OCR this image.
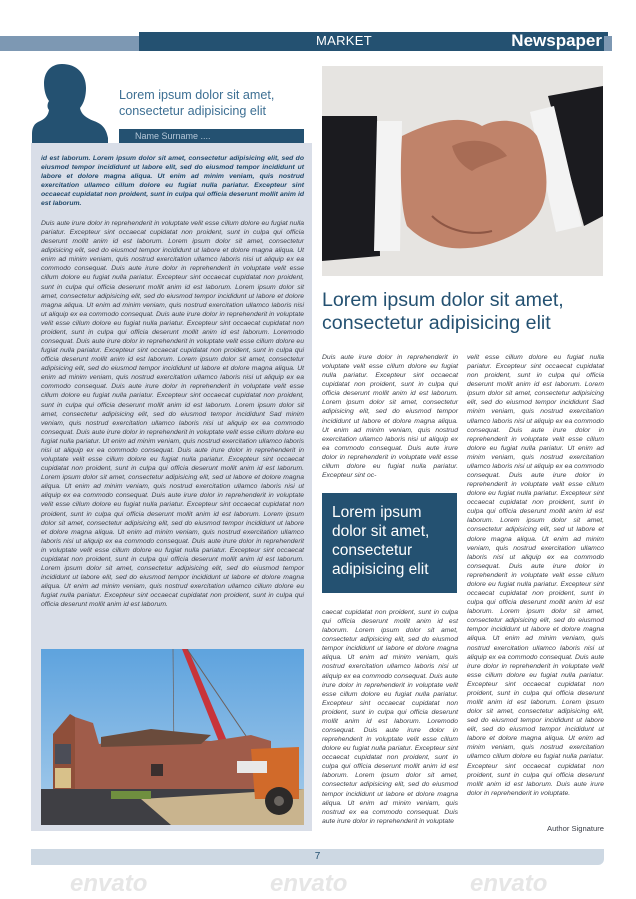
MARKET	Newspaper
Lorem ipsum dolor sit amet, consectetur adipisicing elit
Name Surname ....
id est laborum. Lorem ipsum dolor sit amet, consectetur adipisicing elit, sed do eiusmod tempor incididunt ut labore elit, sed do eiusmod tempor incididunt ut labore et dolore magna aliqua. Ut enim ad minim veniam, quis nostrud exercitation ullamco cillum dolore eu fugiat nulla pariatur. Excepteur sint occaecat cupidatat non proident, sunt in culpa qui officia deserunt mollit anim id est laborum.
Duis aute irure dolor in reprehenderit in voluptate velit esse cillum dolore eu fugiat nulla pariatur. Excepteur sint occaecat cupidatat non proident, sunt in culpa qui officia deserunt mollit anim id est laborum. Lorem ipsum dolor sit amet, consectetur adipisicing elit, sed do eiusmod tempor incididunt ut labore et dolore magna aliqua. Ut enim ad minim veniam, quis nostrud exercitation ullamco laboris nisi ut aliquip ex ea commodo consequat. Duis aute irure dolor in reprehenderit in voluptate velit esse cillum dolore eu fugiat nulla pariatur. Excepteur sint occaecat cupidatat non proident, sunt in culpa qui officia deserunt mollit anim id est laborum. Lorem ipsum dolor sit amet, consectetur adipisicing elit, sed do eiusmod tempor incididunt ut labore et dolore magna aliqua. Ut enim ad minim veniam, quis nostrud exercitation ullamco laboris nisi ut aliquip ex ea commodo consequat. Duis aute irure dolor in reprehenderit in voluptate velit esse cillum dolore eu fugiat nulla pariatur. Excepteur sint occaecat cupidatat non proident, sunt in culpa qui officia deserunt mollit anim id est laborum. Loremodo consequat. Duis aute irure dolor in reprehenderit in voluptate velit esse cillum dolore eu fugiat nulla pariatur. Excepteur sint occaecat cupidatat non proident, sunt in culpa qui officia deserunt mollit anim id est laborum. Lorem ipsum dolor sit amet, consectetur adipisicing elit, sed do eiusmod tempor incididunt ut labore et dolore magna aliqua. Ut enim ad minim veniam, quis nostrud exercitation ullamco laboris nisi ut aliquip ex ea commodo consequat. Duis aute irure dolor in reprehenderit in voluptate velit esse cillum dolore eu fugiat nulla pariatur. Excepteur sint occaecat cupidatat non proident, sunt in culpa qui officia deserunt mollit anim id est laborum. Lorem ipsum dolor sit amet, consectetur adipisicing elit, sed do eiusmod tempor incididunt Sad minim veniam, quis nostrud exercitation ullamco laboris nisi ut aliquip ex ea commodo consequat. Duis aute irure dolor in reprehenderit in voluptate velit esse cillum dolore eu fugiat nulla pariatur. Ut enim ad minim veniam, quis nostrud exercitation ullamco laboris nisi ut aliquip ex ea commodo consequat. Duis aute irure dolor in reprehenderit in voluptate velit esse cillum dolore eu fugiat nulla pariatur. Excepteur sint occaecat cupidatat non proident, sunt in culpa qui officia deserunt mollit anim id est laborum. Lorem ipsum dolor sit amet, consectetur adipisicing elit, sed ut labore et dolore magna aliqua. Ut enim ad minim veniam, quis nostrud exercitation ullamco laboris nisi ut aliquip ex ea commodo consequat. Duis aute irure dolor in reprehenderit in voluptate velit esse cillum dolore eu fugiat nulla pariatur. Excepteur sint occaecat cupidatat non proident, sunt in culpa qui officia deserunt mollit anim id est laborum. Lorem ipsum dolor sit amet, consectetur adipisicing elit, sed do eiusmod tempor incididunt ut labore et dolore magna aliqua. Ut enim ad minim veniam, quis nostrud exercitation ullamco laboris nisi ut aliquip ex ea commodo consequat. Duis aute irure dolor in reprehenderit in voluptate velit esse cillum dolore eu fugiat nulla pariatur. Excepteur sint occaecat cupidatat non proident, sunt in culpa qui officia deserunt mollit anim id est laborum. Lorem ipsum dolor sit amet, consectetur adipisicing elit, sed do eiusmod tempor incididunt ut labore elit, sed do eiusmod tempor incididunt ut labore et dolore magna aliqua. Ut enim ad minim veniam, quis nostrud exercitation ullamco cillum dolore eu fugiat nulla pariatur. Excepteur sint occaecat cupidatat non proident, sunt in culpa qui officia deserunt mollit anim id est laborum.
Lorem ipsum dolor sit amet, consectetur adipisicing elit
Duis aute irure dolor in reprehenderit in voluptate velit esse cillum dolore eu fugiat nulla pariatur. Excepteur sint occaecat cupidatat non proident, sunt in culpa qui officia deserunt mollit anim id est laborum. Lorem ipsum dolor sit amet, consectetur adipisicing elit, sed do eiusmod tempor incididunt ut labore et dolore magna aliqua. Ut enim ad minim veniam, quis nostrud exercitation ullamco laboris nisi ut aliquip ex ea commodo consequat. Duis aute irure dolor in reprehenderit in voluptate velit esse cillum dolore eu fugiat nulla pariatur. Excepteur sint oc-
Lorem ipsum dolor sit amet, consectetur adipisicing elit
caecat cupidatat non proident, sunt in culpa qui officia deserunt mollit anim id est laborum. Lorem ipsum dolor sit amet, consectetur adipisicing elit, sed do eiusmod tempor incididunt ut labore et dolore magna aliqua. Ut enim ad minim veniam, quis nostrud exercitation ullamco laboris nisi ut aliquip ex ea commodo consequat. Duis aute irure dolor in reprehenderit in voluptate velit esse cillum dolore eu fugiat nulla pariatur. Excepteur sint occaecat cupidatat non proident, sunt in culpa qui officia deserunt mollit anim id est laborum. Loremodo consequat. Duis aute irure dolor in reprehenderit in voluptate velit esse cillum dolore eu fugiat nulla pariatur. Excepteur sint occaecat cupidatat non proident, sunt in culpa qui officia deserunt mollit anim id est laborum. Lorem ipsum dolor sit amet, consectetur adipisicing elit, sed do eiusmod tempor incididunt ut labore et dolore magna aliqua. Ut enim ad minim veniam, quis nostrud ex ea commodo consequat. Duis aute irure dolor in reprehenderit in voluptate
velit esse cillum dolore eu fugiat nulla pariatur. Excepteur sint occaecat cupidatat non proident, sunt in culpa qui officia deserunt mollit anim id est laborum. Lorem ipsum dolor sit amet, consectetur adipisicing elit, sed do eiusmod tempor incididunt Sad minim veniam, quis nostrud exercitation ullamco laboris nisi ut aliquip ex ea commodo consequat. Duis aute irure dolor in reprehenderit in voluptate velit esse cillum dolore eu fugiat nulla pariatur. Ut enim ad minim veniam, quis nostrud exercitation ullamco laboris nisi ut aliquip ex ea commodo consequat. Duis aute irure dolor in reprehenderit in voluptate velit esse cillum dolore eu fugiat nulla pariatur. Excepteur sint occaecat cupidatat non proident, sunt in culpa qui officia deserunt mollit anim id est laborum. Lorem ipsum dolor sit amet, consectetur adipisicing elit, sed ut labore et dolore magna aliqua. Ut enim ad minim veniam, quis nostrud exercitation ullamco laboris nisi ut aliquip ex ea commodo consequat. Duis aute irure dolor in reprehenderit in voluptate velit esse cillum dolore eu fugiat nulla pariatur. Excepteur sint occaecat cupidatat non proident, sunt in culpa qui officia deserunt mollit anim id est laborum. Lorem ipsum dolor sit amet, consectetur adipisicing elit, sed do eiusmod tempor incididunt ut labore et dolore magna aliqua. Ut enim ad minim veniam, quis nostrud exercitation ullamco laboris nisi ut aliquip ex ea commodo consequat. Duis aute irure dolor in reprehenderit in voluptate velit esse cillum dolore eu fugiat nulla pariatur. Excepteur sint occaecat cupidatat non proident, sunt in culpa qui officia deserunt mollit anim id est laborum. Lorem ipsum dolor sit amet, consectetur adipisicing elit, sed do eiusmod tempor incididunt ut labore elit, sed do eiusmod tempor incididunt ut labore et dolore magna aliqua. Ut enim ad minim veniam, quis nostrud exercitation ullamco cillum dolore eu fugiat nulla pariatur. Excepteur sint occaecat cupidatat non proident, sunt in culpa qui officia deserunt mollit anim id est laborum. Duis aute irure dolor in reprehenderit in voluptate.
Author Signature
7
envato	envato	envato
